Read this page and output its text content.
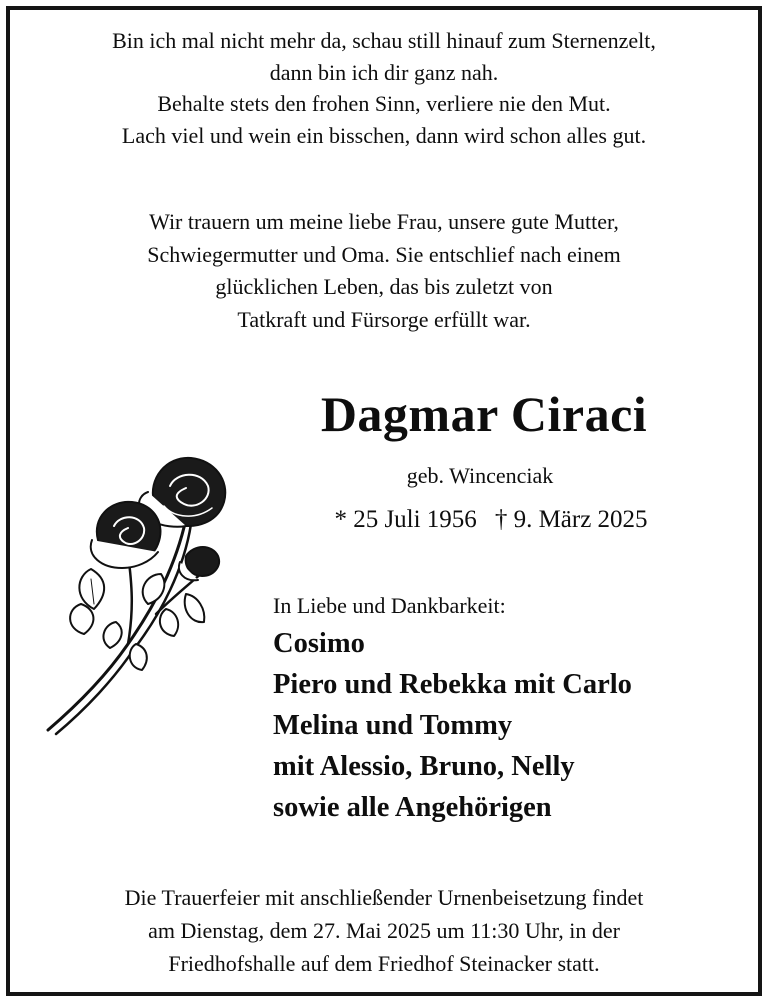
Bin ich mal nicht mehr da, schau still hinauf zum Sternenzelt,
dann bin ich dir ganz nah.
Behalte stets den frohen Sinn, verliere nie den Mut.
Lach viel und wein ein bisschen, dann wird schon alles gut.
Wir trauern um meine liebe Frau, unsere gute Mutter,
Schwiegermutter und Oma. Sie entschlief nach einem
glücklichen Leben, das bis zuletzt von
Tatkraft und Fürsorge erfüllt war.
Dagmar Ciraci
geb. Wincenciak
* 25 Juli 1956 † 9. März 2025
In Liebe und Dankbarkeit:
Cosimo
Piero und Rebekka mit Carlo
Melina und Tommy
mit Alessio, Bruno, Nelly
sowie alle Angehörigen
Die Trauerfeier mit anschließender Urnenbeisetzung findet
am Dienstag, dem 27. Mai 2025 um 11:30 Uhr, in der
Friedhofshalle auf dem Friedhof Steinacker statt.
